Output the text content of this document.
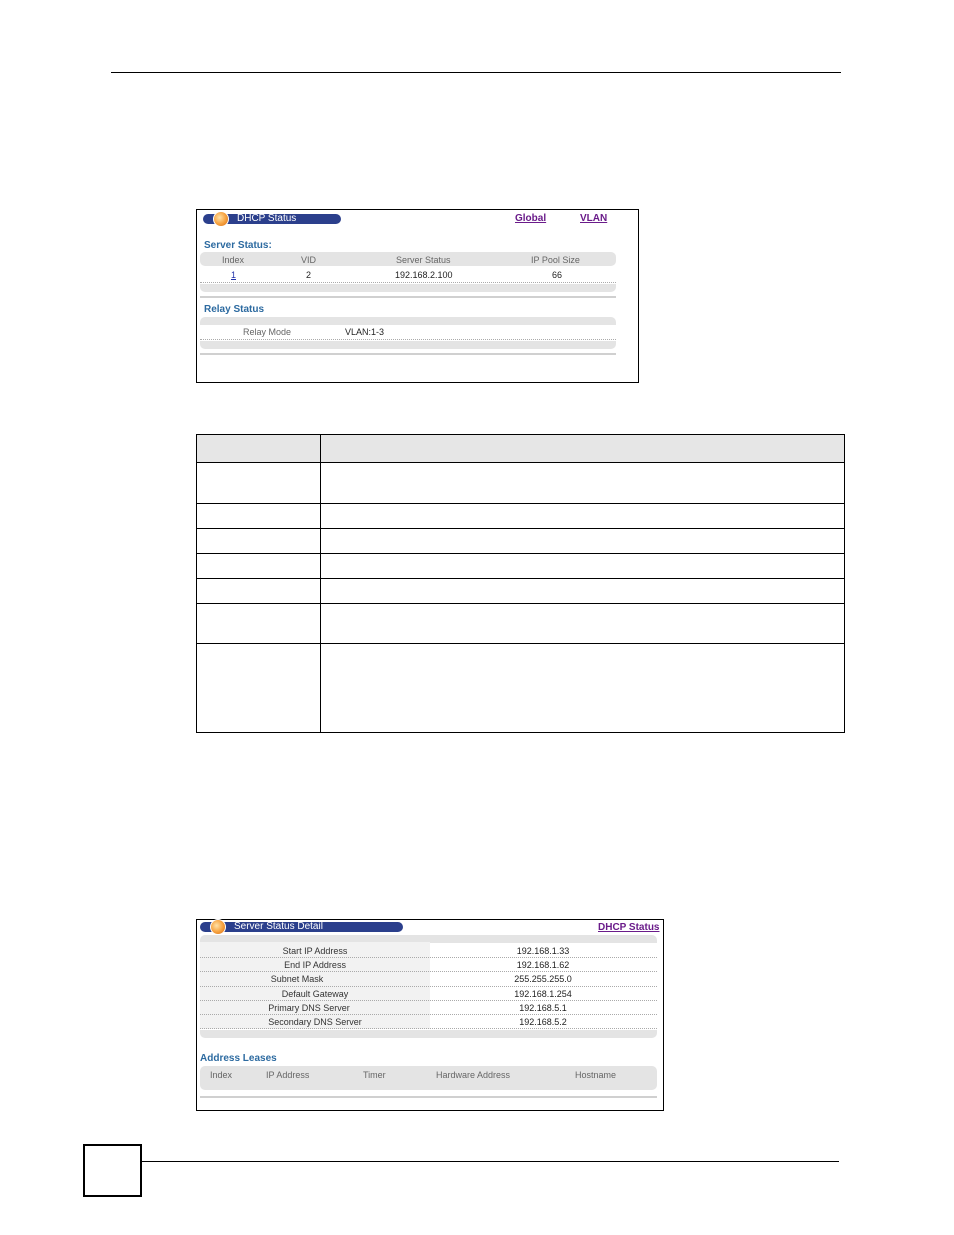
DHCP Status	Global	VLAN
Server Status:
Index	VID	Server Status	IP Pool Size
1	2	192.168.2.100	66
Relay Status
Relay Mode	VLAN:1-3

Server Status Detail	DHCP Status
Start IP Address	192.168.1.33
End IP Address	192.168.1.62
Subnet Mask	255.255.255.0
Default Gateway	192.168.1.254
Primary DNS Server	192.168.5.1
Secondary DNS Server	192.168.5.2
Address Leases
Index	IP Address	Timer	Hardware Address	Hostname
